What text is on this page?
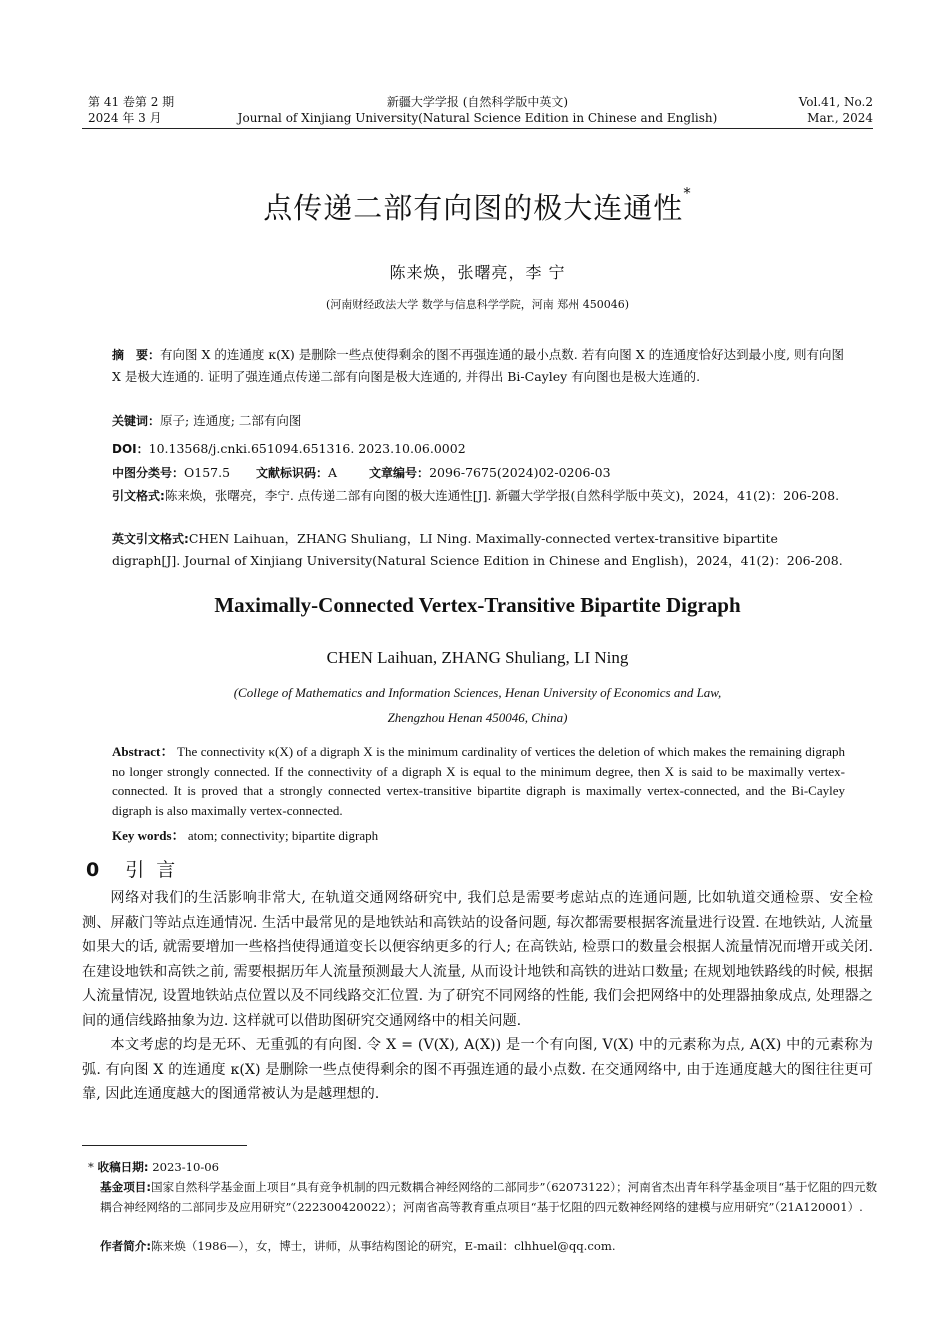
第 41 卷第 2 期
2024 年 3 月
新疆大学学报 (自然科学版中英文)
Journal of Xinjiang University(Natural Science Edition in Chinese and English)
Vol.41, No.2
Mar., 2024
点传递二部有向图的极大连通性*
陈来焕，张曙亮，李 宁
(河南财经政法大学 数学与信息科学学院，河南 郑州 450046)
摘　要：有向图 X 的连通度 κ(X) 是删除一些点使得剩余的图不再强连通的最小点数. 若有向图 X 的连通度恰好达到最小度, 则有向图 X 是极大连通的. 证明了强连通点传递二部有向图是极大连通的, 并得出 Bi-Cayley 有向图也是极大连通的.
关键词：原子; 连通度; 二部有向图
DOI：10.13568/j.cnki.651094.651316. 2023.10.06.0002
中图分类号：O157.5 文献标识码：A	文章编号：2096-7675(2024)02-0206-03
引文格式:陈来焕，张曙亮，李宁. 点传递二部有向图的极大连通性[J]. 新疆大学学报(自然科学版中英文)，2024，41(2)：206-208.
英文引文格式:CHEN Laihuan，ZHANG Shuliang，LI Ning. Maximally-connected vertex-transitive bipartite digraph[J]. Journal of Xinjiang University(Natural Science Edition in Chinese and English)，2024，41(2)：206-208.
Maximally-Connected Vertex-Transitive Bipartite Digraph
CHEN Laihuan, ZHANG Shuliang, LI Ning
(College of Mathematics and Information Sciences, Henan University of Economics and Law, Zhengzhou Henan 450046, China)
Abstract： The connectivity κ(X) of a digraph X is the minimum cardinality of vertices the deletion of which makes the remaining digraph no longer strongly connected. If the connectivity of a digraph X is equal to the minimum degree, then X is said to be maximally vertex-connected. It is proved that a strongly connected vertex-transitive bipartite digraph is maximally vertex-connected, and the Bi-Cayley digraph is also maximally vertex-connected.
Key words： atom; connectivity; bipartite digraph
0 引言

网络对我们的生活影响非常大, 在轨道交通网络研究中, 我们总是需要考虑站点的连通问题, 比如轨道交通检票、安全检测、屏蔽门等站点连通情况. 生活中最常见的是地铁站和高铁站的设备问题, 每次都需要根据客流量进行设置. 在地铁站, 人流量如果大的话, 就需要增加一些格挡使得通道变长以便容纳更多的行人; 在高铁站, 检票口的数量会根据人流量情况而增开或关闭. 在建设地铁和高铁之前, 需要根据历年人流量预测最大人流量, 从而设计地铁和高铁的进站口数量; 在规划地铁路线的时候, 根据人流量情况, 设置地铁站点位置以及不同线路交汇位置. 为了研究不同网络的性能, 我们会把网络中的处理器抽象成点, 处理器之间的通信线路抽象为边. 这样就可以借助图研究交通网络中的相关问题.

本文考虑的均是无环、无重弧的有向图. 令 X = (V(X), A(X)) 是一个有向图, V(X) 中的元素称为点, A(X) 中的元素称为弧. 有向图 X 的连通度 κ(X) 是删除一些点使得剩余的图不再强连通的最小点数. 在交通网络中, 由于连通度越大的图往往更可靠, 因此连通度越大的图通常被认为是越理想的.

* 收稿日期: 2023-10-06
基金项目:国家自然科学基金面上项目“具有竞争机制的四元数耦合神经网络的二部同步”（62073122）；河南省杰出青年科学基金项目“基于忆阻的四元数耦合神经网络的二部同步及应用研究”（222300420022）；河南省高等教育重点项目“基于忆阻的四元数神经网络的建模与应用研究”（21A120001）.
作者简介:陈来焕（1986—），女，博士，讲师，从事结构图论的研究，E-mail：clhhuel@qq.com.
